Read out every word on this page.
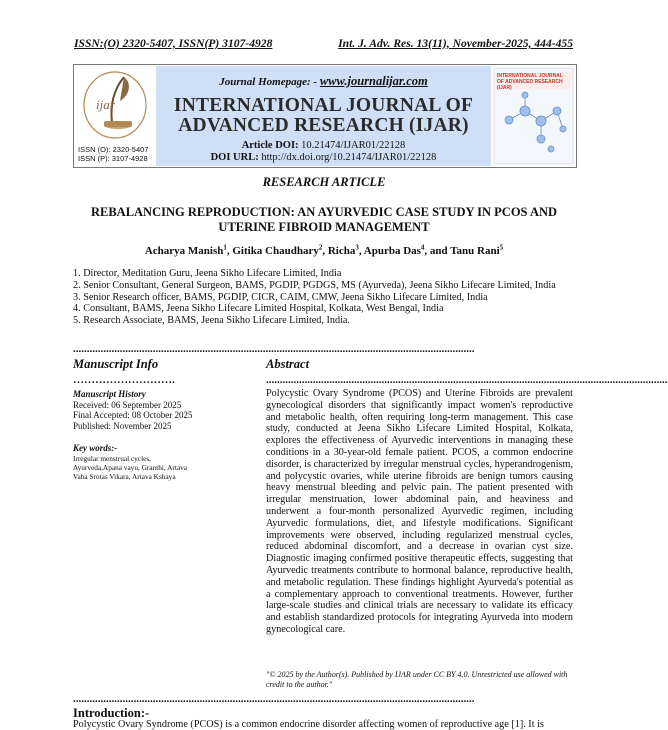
ISSN:(O) 2320-5407, ISSN(P) 3107-4928	Int. J. Adv. Res. 13(11), November-2025, 444-455
ijar
ISSN (O): 2320-5407
ISSN (P): 3107-4928
Journal Homepage: - www.journalijar.com
INTERNATIONAL JOURNAL OF
ADVANCED RESEARCH (IJAR)
Article DOI: 10.21474/IJAR01/22128
DOI URL: http://dx.doi.org/10.21474/IJAR01/22128
INTERNATIONAL JOURNAL OF ADVANCED RESEARCH (IJAR)
RESEARCH ARTICLE
REBALANCING REPRODUCTION: AN AYURVEDIC CASE STUDY IN PCOS AND
UTERINE FIBROID MANAGEMENT
Acharya Manish$^1$, Gitika Chaudhary$^2$, Richa$^3$, Apurba Das$^4$, and Tanu Rani$^5$
1. Director, Meditation Guru, Jeena Sikho Lifecare Limited, India
2. Senior Consultant, General Surgeon, BAMS, PGDIP, PGDGS, MS (Ayurveda), Jeena Sikho Lifecare Limited, India
3. Senior Research officer, BAMS, PGDIP, CICR, CAIM, CMW, Jeena Sikho Lifecare Limited, India
4. Consultant, BAMS, Jeena Sikho Lifecare Limited Hospital, Kolkata, West Bengal, India
5. Research Associate, BAMS, Jeena Sikho Lifecare Limited, India.
..................................................................................................................................................
Manuscript Info	Abstract
……………………….	..................................................................................................................................................
Manuscript History
Received: 06 September 2025
Final Accepted: 08 October 2025
Published: November 2025
Key words:-
Irregular menstrual cycles,
Ayurveda,Apana vayu, Granthi, Artava
Vaha Srotas Vikara, Artava Kshaya
Polycystic Ovary Syndrome (PCOS) and Uterine Fibroids are prevalent gynecological disorders that significantly impact women's reproductive and metabolic health, often requiring long-term management. This case study, conducted at Jeena Sikho Lifecare Limited Hospital, Kolkata, explores the effectiveness of Ayurvedic interventions in managing these conditions in a 30-year-old female patient. PCOS, a common endocrine disorder, is characterized by irregular menstrual cycles, hyperandrogenism, and polycystic ovaries, while uterine fibroids are benign tumors causing heavy menstrual bleeding and pelvic pain. The patient presented with irregular menstruation, lower abdominal pain, and heaviness and underwent a four-month personalized Ayurvedic regimen, including Ayurvedic formulations, diet, and lifestyle modifications. Significant improvements were observed, including regularized menstrual cycles, reduced abdominal discomfort, and a decrease in ovarian cyst size. Diagnostic imaging confirmed positive therapeutic effects, suggesting that Ayurvedic treatments contribute to hormonal balance, reproductive health, and metabolic regulation. These findings highlight Ayurveda's potential as a complementary approach to conventional treatments. However, further large-scale studies and clinical trials are necessary to validate its efficacy and establish standardized protocols for integrating Ayurveda into modern gynecological care.
"© 2025 by the Author(s). Published by IJAR under CC BY 4.0. Unrestricted use allowed with credit to the author."
..................................................................................................................................................
Introduction:-
Polycystic Ovary Syndrome (PCOS) is a common endocrine disorder affecting women of reproductive age [1]. It is
